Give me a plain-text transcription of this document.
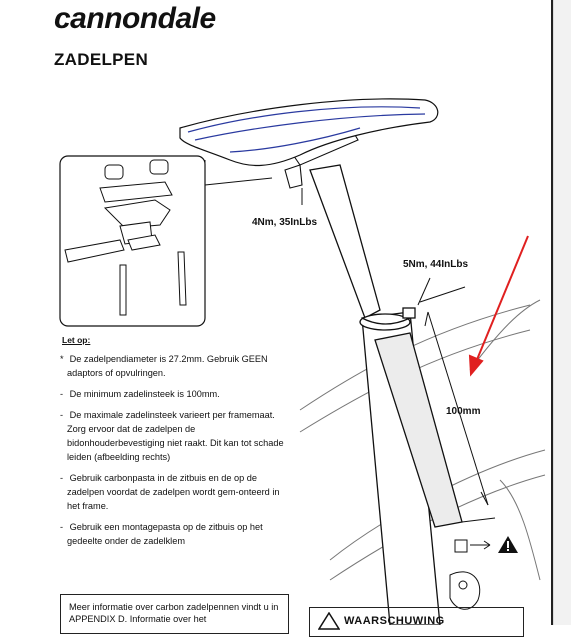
cannondale
ZADELPEN
4Nm, 35InLbs
5Nm, 44InLbs
100mm
Let op:
* De zadelpendiameter is 27.2mm. Gebruik GEEN adaptors of opvulringen.
- De minimum zadelinsteek is 100mm.
- De maximale zadelinsteek varieert per framemaat. Zorg ervoor dat de zadelpen de bidonhouderbevestiging niet raakt. Dit kan tot schade leiden (afbeelding rechts)
- Gebruik carbonpasta in de zitbuis en de op de zadelpen voordat de zadelpen wordt gem-onteerd in het frame.
- Gebruik een montagepasta op de zitbuis op het gedeelte onder de zadelklem
Meer informatie over carbon zadelpennen vindt u in APPENDIX D. Informatie over het	WAARSCHUWING
